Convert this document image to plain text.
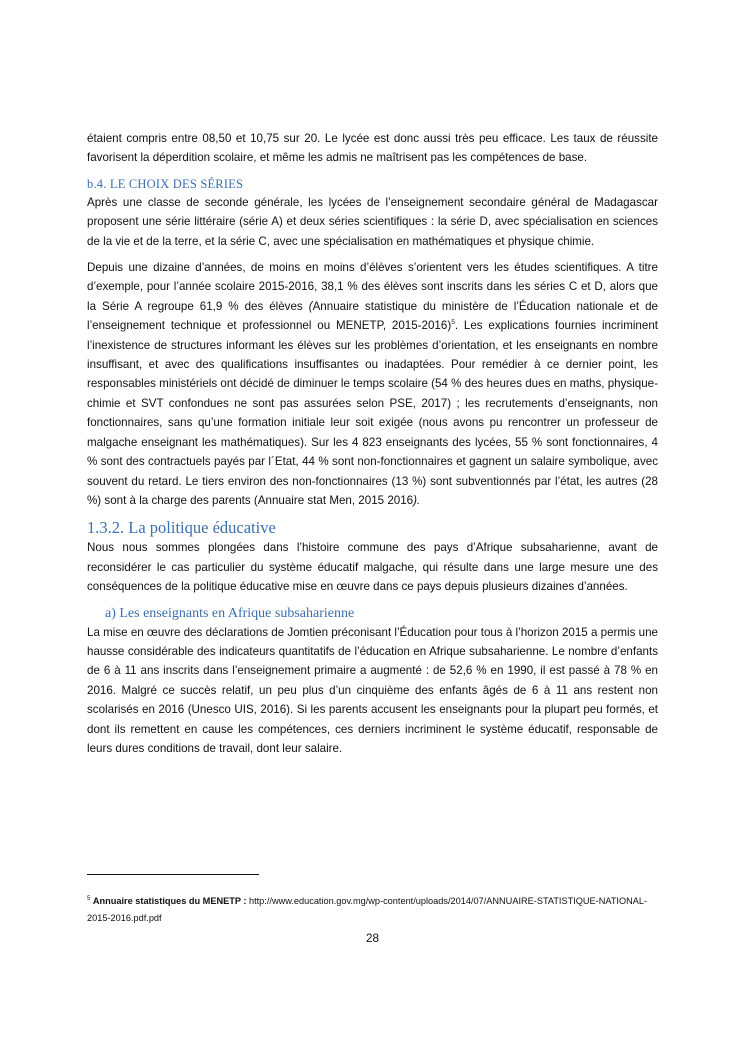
étaient compris entre 08,50 et 10,75 sur 20. Le lycée est donc aussi très peu efficace. Les taux de réussite favorisent la déperdition scolaire, et même les admis ne maîtrisent pas les compétences de base.

b.4. LE CHOIX DES SÉRIES

Après une classe de seconde générale, les lycées de l’enseignement secondaire général de Madagascar proposent une série littéraire (série A) et deux séries scientifiques : la série D, avec spécialisation en sciences de la vie et de la terre, et la série C, avec une spécialisation en mathématiques et physique chimie.

Depuis une dizaine d’années, de moins en moins d’élèves s’orientent vers les études scientifiques. A titre d’exemple, pour l’année scolaire 2015-2016, 38,1 % des élèves sont inscrits dans les séries C et D, alors que la Série A regroupe 61,9 % des élèves (Annuaire statistique du ministère de l’Éducation nationale et de l’enseignement technique et professionnel ou MENETP, 2015-2016)$^5$. Les explications fournies incriminent l’inexistence de structures informant les élèves sur les problèmes d’orientation, et les enseignants en nombre insuffisant, et avec des qualifications insuffisantes ou inadaptées. Pour remédier à ce dernier point, les responsables ministériels ont décidé de diminuer le temps scolaire (54 % des heures dues en maths, physique-chimie et SVT confondues ne sont pas assurées selon PSE, 2017) ; les recrutements d’enseignants, non fonctionnaires, sans qu’une formation initiale leur soit exigée (nous avons pu rencontrer un professeur de malgache enseignant les mathématiques). Sur les 4 823 enseignants des lycées, 55 % sont fonctionnaires, 4 % sont des contractuels payés par l´Etat, 44 % sont non-fonctionnaires et gagnent un salaire symbolique, avec souvent du retard. Le tiers environ des non-fonctionnaires (13 %) sont subventionnés par l’état, les autres (28 %) sont à la charge des parents (Annuaire stat Men, 2015 2016).

1.3.2. La politique éducative

Nous nous sommes plongées dans l’histoire commune des pays d’Afrique subsaharienne, avant de reconsidérer le cas particulier du système éducatif malgache, qui résulte dans une large mesure une des conséquences de la politique éducative mise en œuvre dans ce pays depuis plusieurs dizaines d’années.

a) Les enseignants en Afrique subsaharienne

La mise en œuvre des déclarations de Jomtien préconisant l’Éducation pour tous à l’horizon 2015 a permis une hausse considérable des indicateurs quantitatifs de l’éducation en Afrique subsaharienne. Le nombre d’enfants de 6 à 11 ans inscrits dans l’enseignement primaire a augmenté : de 52,6 % en 1990, il est passé à 78 % en 2016. Malgré ce succès relatif, un peu plus d’un cinquième des enfants âgés de 6 à 11 ans restent non scolarisés en 2016 (Unesco UIS, 2016). Si les parents accusent les enseignants pour la plupart peu formés, et dont ils remettent en cause les compétences, ces derniers incriminent le système éducatif, responsable de leurs dures conditions de travail, dont leur salaire.

$^5$ Annuaire statistiques du MENETP : http://www.education.gov.mg/wp-content/uploads/2014/07/ANNUAIRE-STATISTIQUE-NATIONAL-2015-2016.pdf.pdf
28
